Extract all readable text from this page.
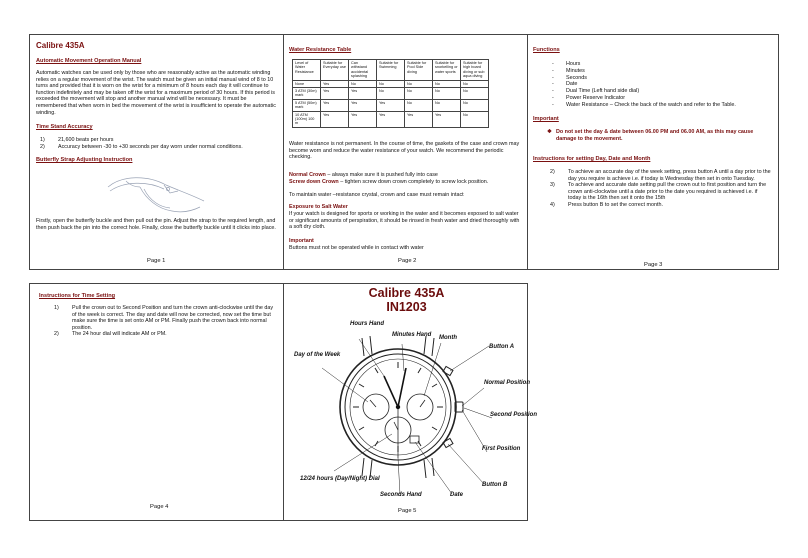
Calibre 435A
Automatic Movement Operation Manual
Automatic watches can be used only by those who are reasonably active as the automatic winding relies on a regular movement of the wrist. The watch must be given an initial manual wind of 8 to 10 turns and provided that it is worn on the wrist for a minimum of 8 hours each day it will continue to function indefinitely and may be taken off the wrist for a maximum period of 30 hours. If this period is exceeded the movement will stop and another manual wind will be necessary. It must be remembered that when worn in bed the movement of the wrist is insufficient to operate the automatic winding.
Time Stand Accuracy
1) 21,600 beats per hours
2) Accuracy between -30 to +30 seconds per day worn under normal conditions.
Butterfly Strap Adjusting Instruction
Firstly, open the butterfly buckle and then pull out the pin. Adjust the strap to the required length, and then push back the pin into the correct hole. Finally, close the butterfly buckle until it clicks into place.
Page 1
Water Resistance Table
Level of Water Resistance	Suitable for Everyday use	Can withstand accidental splashing	Suitable for Swimming	Suitable for Pool Side diving	Suitable for snorkelling or water sports	Suitable for high board diving or sub aqua diving
None	Yes	No	No	No	No	No
3 ATM (30m) mark	Yes	Yes	No	No	No	No
5 ATM (50m) mark	Yes	Yes	Yes	No	No	No
10 ATM (100m) 100 m	Yes	Yes	Yes	Yes	Yes	No
Water resistance is not permanent. In the course of time, the gaskets of the case and crown may become worn and reduce the water resistance of your watch. We recommend the periodic checking.
Normal Crown – always make sure it is pushed fully into case
Screw down Crown – tighten screw down crown completely to screw lock position.
To maintain water –resistance crystal, crown and case must remain intact
Exposure to Salt Water
If your watch is designed for sports or working in the water and it becomes exposed to salt water or significant amounts of perspiration, it should be rinsed in fresh water and dried thoroughly with a soft dry cloth.
Important
Buttons must not be operated while in contact with water
Page 2
Functions
- Hours
- Minutes
- Seconds
- Date
- Dual Time (Left hand side dial)
- Power Reserve Indicator
- Water Resistance – Check the back of the watch and refer to the Table.
Important
❖ Do not set the day & date between 06.00 PM and 06.00 AM, as this may cause damage to the movement.
Instructions for setting Day, Date and Month
2) To achieve an accurate day of the week setting, press button A until a day prior to the day you require is achieve i.e. if today is Wednesday then set in onto Tuesday.
3) To achieve and accurate date setting pull the crown out to first position and turn the crown anti-clockwise until a date prior to the date you required is achieved i.e. if today is the 16th then set it onto the 15th
4) Press button B to set the correct month.
Page 3
Instructions for Time Setting
1) Pull the crown out to Second Position and turn the crown anti-clockwise until the day of the week is correct. The day and date will now be corrected, now set the time but make sure the time is set onto AM or PM. Finally push the crown back into normal position.
2) The 24 hour dial will indicate AM or PM.
Page 4
Calibre 435A
IN1203
Hours Hand
Minutes Hand Month
Day of the Week
Button A
Normal Position
Second Position
First Position
Button B
12/24 hours (Day/Night) Dial
Seconds Hand	Date
Page 5
